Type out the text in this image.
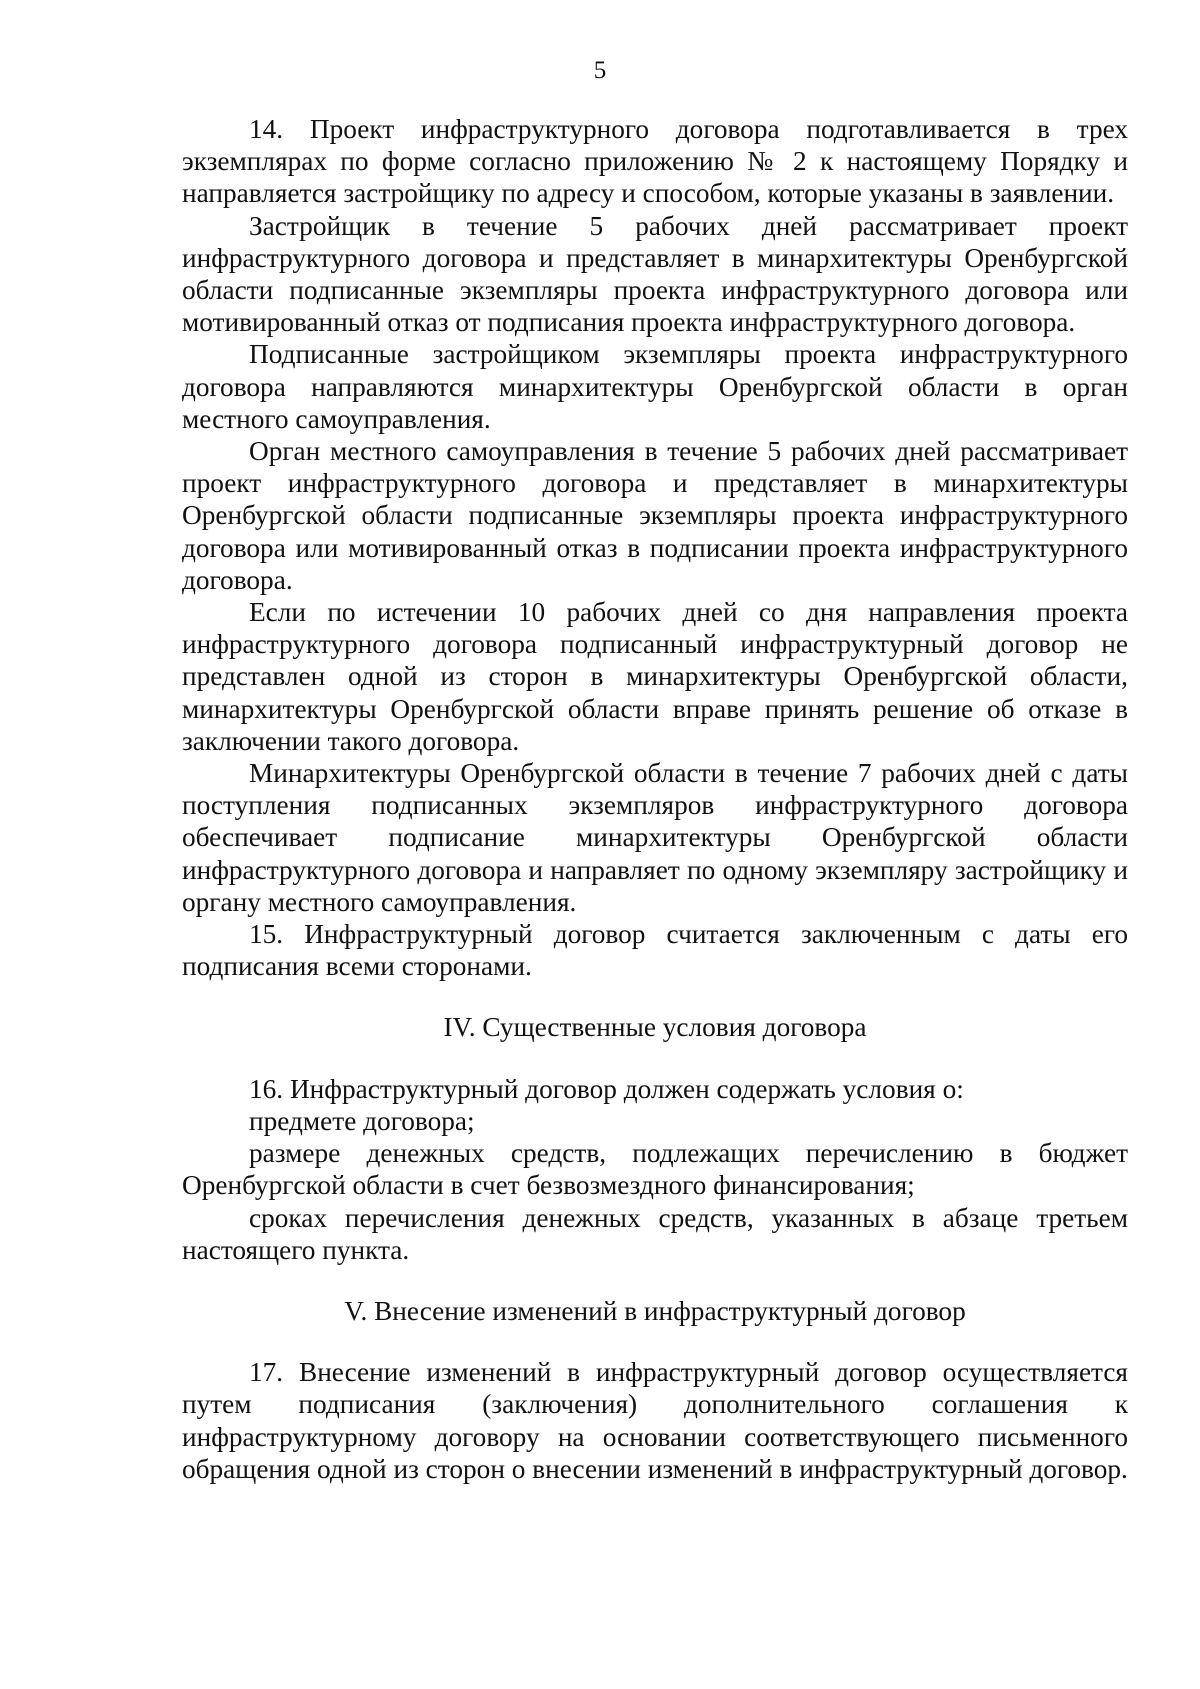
5

14. Проект инфраструктурного договора подготавливается в трех экземплярах по форме согласно приложению № 2 к настоящему Порядку и направляется застройщику по адресу и способом, которые указаны в заявлении.

Застройщик в течение 5 рабочих дней рассматривает проект инфраструктурного договора и представляет в минархитектуры Оренбургской области подписанные экземпляры проекта инфраструктурного договора или мотивированный отказ от подписания проекта инфраструктурного договора.

Подписанные застройщиком экземпляры проекта инфраструктурного договора направляются минархитектуры Оренбургской области в орган местного самоуправления.

Орган местного самоуправления в течение 5 рабочих дней рассматривает проект инфраструктурного договора и представляет в минархитектуры Оренбургской области подписанные экземпляры проекта инфраструктурного договора или мотивированный отказ в подписании проекта инфраструктурного договора.

Если по истечении 10 рабочих дней со дня направления проекта инфраструктурного договора подписанный инфраструктурный договор не представлен одной из сторон в минархитектуры Оренбургской области, минархитектуры Оренбургской области вправе принять решение об отказе в заключении такого договора.

Минархитектуры Оренбургской области в течение 7 рабочих дней с даты поступления подписанных экземпляров инфраструктурного договора обеспечивает подписание минархитектуры Оренбургской области инфраструктурного договора и направляет по одному экземпляру застройщику и органу местного самоуправления.

15. Инфраструктурный договор считается заключенным с даты его подписания всеми сторонами.

IV. Существенные условия договора

16. Инфраструктурный договор должен содержать условия о:

предмете договора;

размере денежных средств, подлежащих перечислению в бюджет Оренбургской области в счет безвозмездного финансирования;

сроках перечисления денежных средств, указанных в абзаце третьем настоящего пункта.

V. Внесение изменений в инфраструктурный договор

17. Внесение изменений в инфраструктурный договор осуществляется путем подписания (заключения) дополнительного соглашения к инфраструктурному договору на основании соответствующего письменного обращения одной из сторон о внесении изменений в инфраструктурный договор.
